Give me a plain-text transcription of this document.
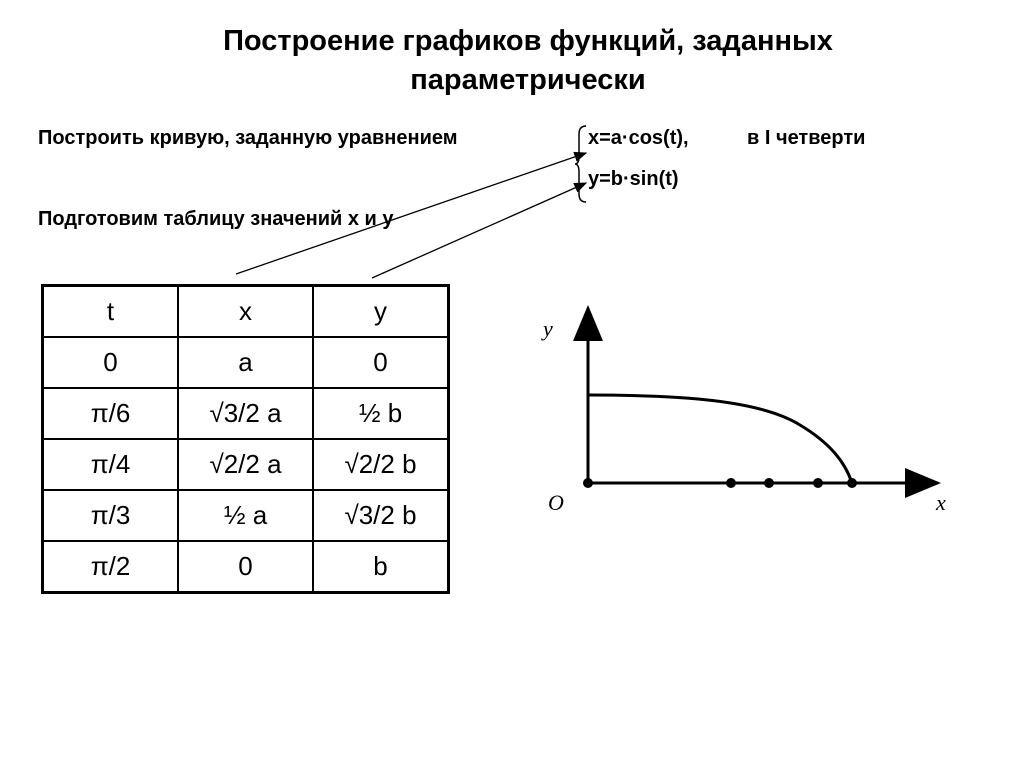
Построение графиков функций, заданных
параметрически
Построить кривую, заданную уравнением	x=a·cos(t),
y=b·sin(t)
в I четверти
Подготовим таблицу значений x и y
t	x	y
0	a	0
π/6	√3/2 a	½ b
π/4	√2/2 a	√2/2 b
π/3	½ a	√3/2 b
π/2	0	b
y
O	x
